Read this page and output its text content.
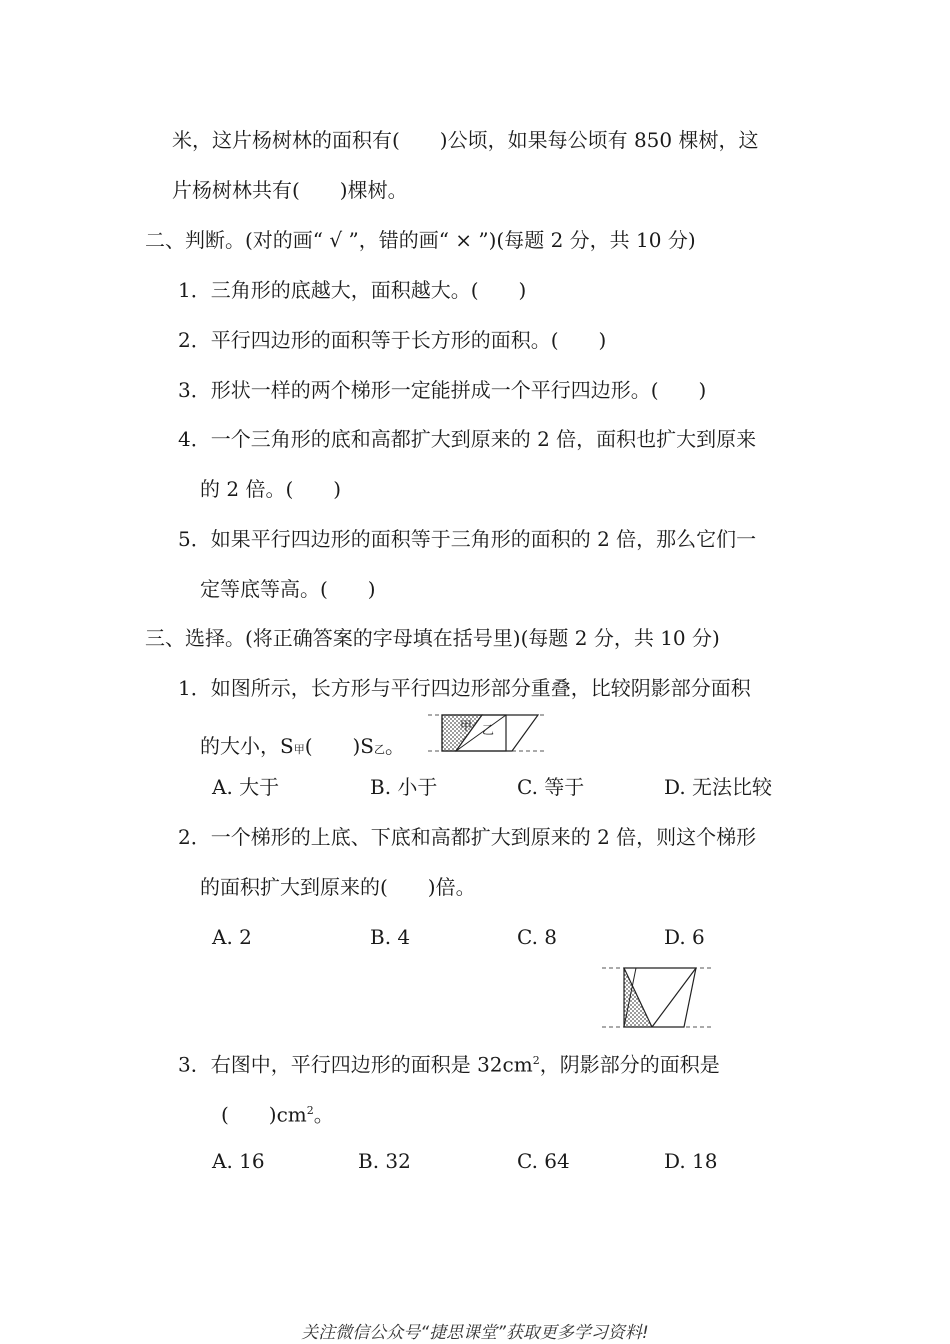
米，这片杨树林的面积有(　　)公顷，如果每公顷有 850 棵树，这
片杨树林共有(　　)棵树。
二、判断。(对的画“ √ ”，错的画“ × ”)(每题 2 分，共 10 分)
1．三角形的底越大，面积越大。(　　)
2．平行四边形的面积等于长方形的面积。(　　)
3．形状一样的两个梯形一定能拼成一个平行四边形。(　　)
4．一个三角形的底和高都扩大到原来的 2 倍，面积也扩大到原来
的 2 倍。(　　)
5．如果平行四边形的面积等于三角形的面积的 2 倍，那么它们一
定等底等高。(　　)
三、选择。(将正确答案的字母填在括号里)(每题 2 分，共 10 分)
1．如图所示，长方形与平行四边形部分重叠，比较阴影部分面积
的大小，S甲(　　)S乙。
甲 乙
A. 大于	B. 小于	C. 等于	D. 无法比较
2．一个梯形的上底、下底和高都扩大到原来的 2 倍，则这个梯形
的面积扩大到原来的(　　)倍。
A. 2	B. 4	C. 8	D. 6
3．右图中，平行四边形的面积是 $32cm^2$，阴影部分的面积是
(　　)$cm^2$。
A. 16	B. 32	C. 64	D. 18
关注微信公众号“捷思课堂”获取更多学习资料!
